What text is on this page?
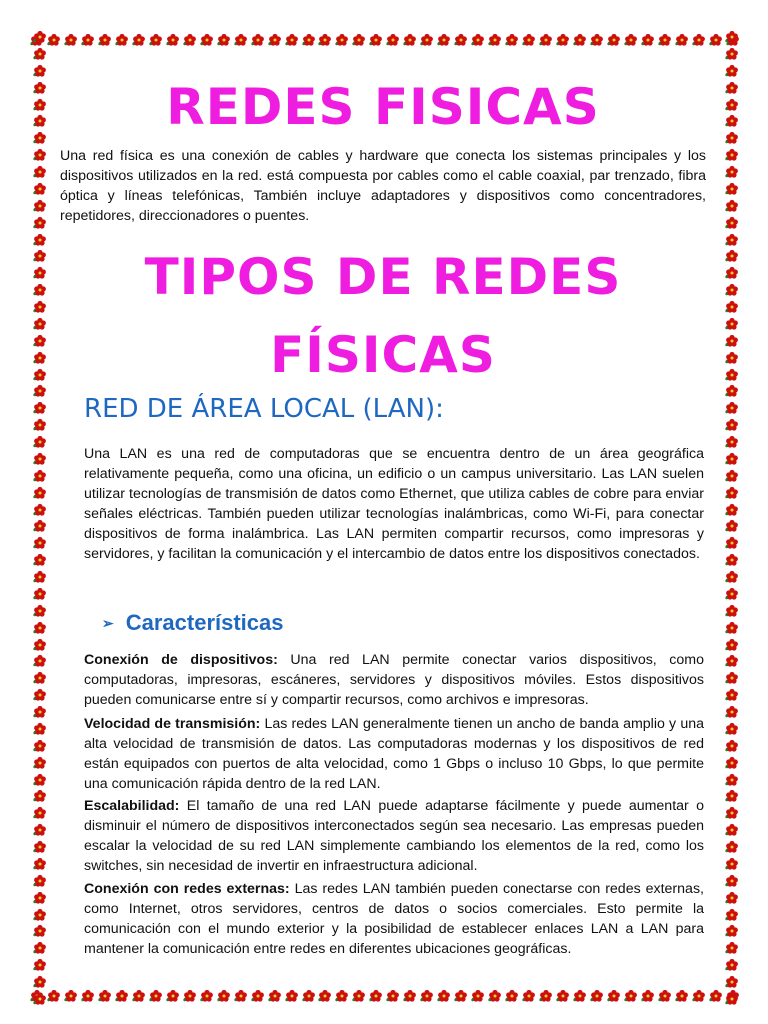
REDES FISICAS

Una red física es una conexión de cables y hardware que conecta los sistemas principales y los dispositivos utilizados en la red. está compuesta por cables como el cable coaxial, par trenzado, fibra óptica y líneas telefónicas, También incluye adaptadores y dispositivos como concentradores, repetidores, direccionadores o puentes.

TIPOS DE REDES FÍSICAS
RED DE ÁREA LOCAL (LAN):

Una LAN es una red de computadoras que se encuentra dentro de un área geográfica relativamente pequeña, como una oficina, un edificio o un campus universitario. Las LAN suelen utilizar tecnologías de transmisión de datos como Ethernet, que utiliza cables de cobre para enviar señales eléctricas. También pueden utilizar tecnologías inalámbricas, como Wi-Fi, para conectar dispositivos de forma inalámbrica. Las LAN permiten compartir recursos, como impresoras y servidores, y facilitan la comunicación y el intercambio de datos entre los dispositivos conectados.

➢ Características

Conexión de dispositivos: Una red LAN permite conectar varios dispositivos, como computadoras, impresoras, escáneres, servidores y dispositivos móviles. Estos dispositivos pueden comunicarse entre sí y compartir recursos, como archivos e impresoras.

Velocidad de transmisión: Las redes LAN generalmente tienen un ancho de banda amplio y una alta velocidad de transmisión de datos. Las computadoras modernas y los dispositivos de red están equipados con puertos de alta velocidad, como 1 Gbps o incluso 10 Gbps, lo que permite una comunicación rápida dentro de la red LAN.

Escalabilidad: El tamaño de una red LAN puede adaptarse fácilmente y puede aumentar o disminuir el número de dispositivos interconectados según sea necesario. Las empresas pueden escalar la velocidad de su red LAN simplemente cambiando los elementos de la red, como los switches, sin necesidad de invertir en infraestructura adicional.

Conexión con redes externas: Las redes LAN también pueden conectarse con redes externas, como Internet, otros servidores, centros de datos o socios comerciales. Esto permite la comunicación con el mundo exterior y la posibilidad de establecer enlaces LAN a LAN para mantener la comunicación entre redes en diferentes ubicaciones geográficas.
